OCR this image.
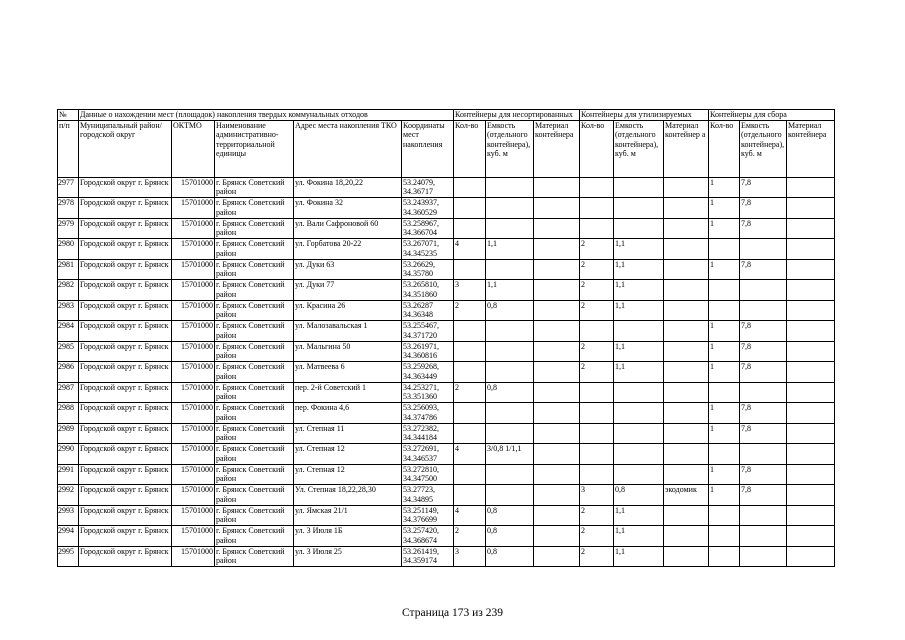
№	Данные о нахождении мест (площадок) накопления твердых коммунальных отходов					Контейнеры для несортированных			Контейнеры для утилизируемых			Контейнеры для сбора		
п/п	Муниципальный район/городской округ	ОКТМО	Наименование административно-территориальной единицы	Адрес места накопления ТКО	Координаты мест накопления	Кол-во	Емкость (отдельного контейнера), куб. м	Материал контейнера	Кол-во	Емкость (отдельного контейнера), куб. м	Материал контейнер а	Кол-во	Емкость (отдельного контейнера), куб. м	Материал контейнера
2977	Городской округ г. Брянск	15701000	г. Брянск Советский район	ул. Фокина 18,20,22	53.24079, 34.36717							1	7,8	
2978	Городской округ г. Брянск	15701000	г. Брянск Советский район	ул. Фокина 32	53.243937, 34.360529							1	7,8	
2979	Городской округ г. Брянск	15701000	г. Брянск Советский район	ул. Вали Сафроновой 60	53.258967, 34.366704							1	7,8	
2980	Городской округ г. Брянск	15701000	г. Брянск Советский район	ул. Горбатова 20-22	53.267071, 34.345235	4	1,1		2	1,1				
2981	Городской округ г. Брянск	15701000	г. Брянск Советский район	ул. Дуки 63	53.26629, 34.35780				2	1,1		1	7,8	
2982	Городской округ г. Брянск	15701000	г. Брянск Советский район	ул. Дуки 77	53.265810, 34.351860	3	1,1		2	1,1				
2983	Городской округ г. Брянск	15701000	г. Брянск Советский район	ул. Красина 26	53.26287 34.36348	2	0,8		2	1,1				
2984	Городской округ г. Брянск	15701000	г. Брянск Советский район	ул. Малозавальская 1	53.255467, 34.371720							1	7,8	
2985	Городской округ г. Брянск	15701000	г. Брянск Советский район	ул. Мальгина 50	53.261971, 34.360816				2	1,1		1	7,8	
2986	Городской округ г. Брянск	15701000	г. Брянск Советский район	ул. Матвеева 6	53.259268, 34.363449				2	1,1		1	7,8	
2987	Городской округ г. Брянск	15701000	г. Брянск Советский район	пер. 2-й Советский 1	34.253271, 53.351360	2	0,8							
2988	Городской округ г. Брянск	15701000	г. Брянск Советский район	пер. Фокина 4,6	53.256093, 34.374786							1	7,8	
2989	Городской округ г. Брянск	15701000	г. Брянск Советский район	ул. Степная 11	53.272382, 34.344184							1	7,8	
2990	Городской округ г. Брянск	15701000	г. Брянск Советский район	ул. Степная 12	53.272691, 34.346537	4	3/0,8 1/1,1							
2991	Городской округ г. Брянск	15701000	г. Брянск Советский район	ул. Степная 12	53.272810, 34.347500							1	7,8	
2992	Городской округ г. Брянск	15701000	г. Брянск Советский район	Ул. Степная 18,22,28,30	53.27723, 34.34895				3	0,8	экодомик	1	7,8	
2993	Городской округ г. Брянск	15701000	г. Брянск Советский район	ул. Ямская 21/1	53.251149, 34.376699	4	0,8		2	1,1				
2994	Городской округ г. Брянск	15701000	г. Брянск Советский район	ул. 3 Июля 1Б	53.257420, 34.368674	2	0,8		2	1,1				
2995	Городской округ г. Брянск	15701000	г. Брянск Советский район	ул. 3 Июля 25	53.261419, 34.359174	3	0,8		2	1,1				
Страница 173 из 239
